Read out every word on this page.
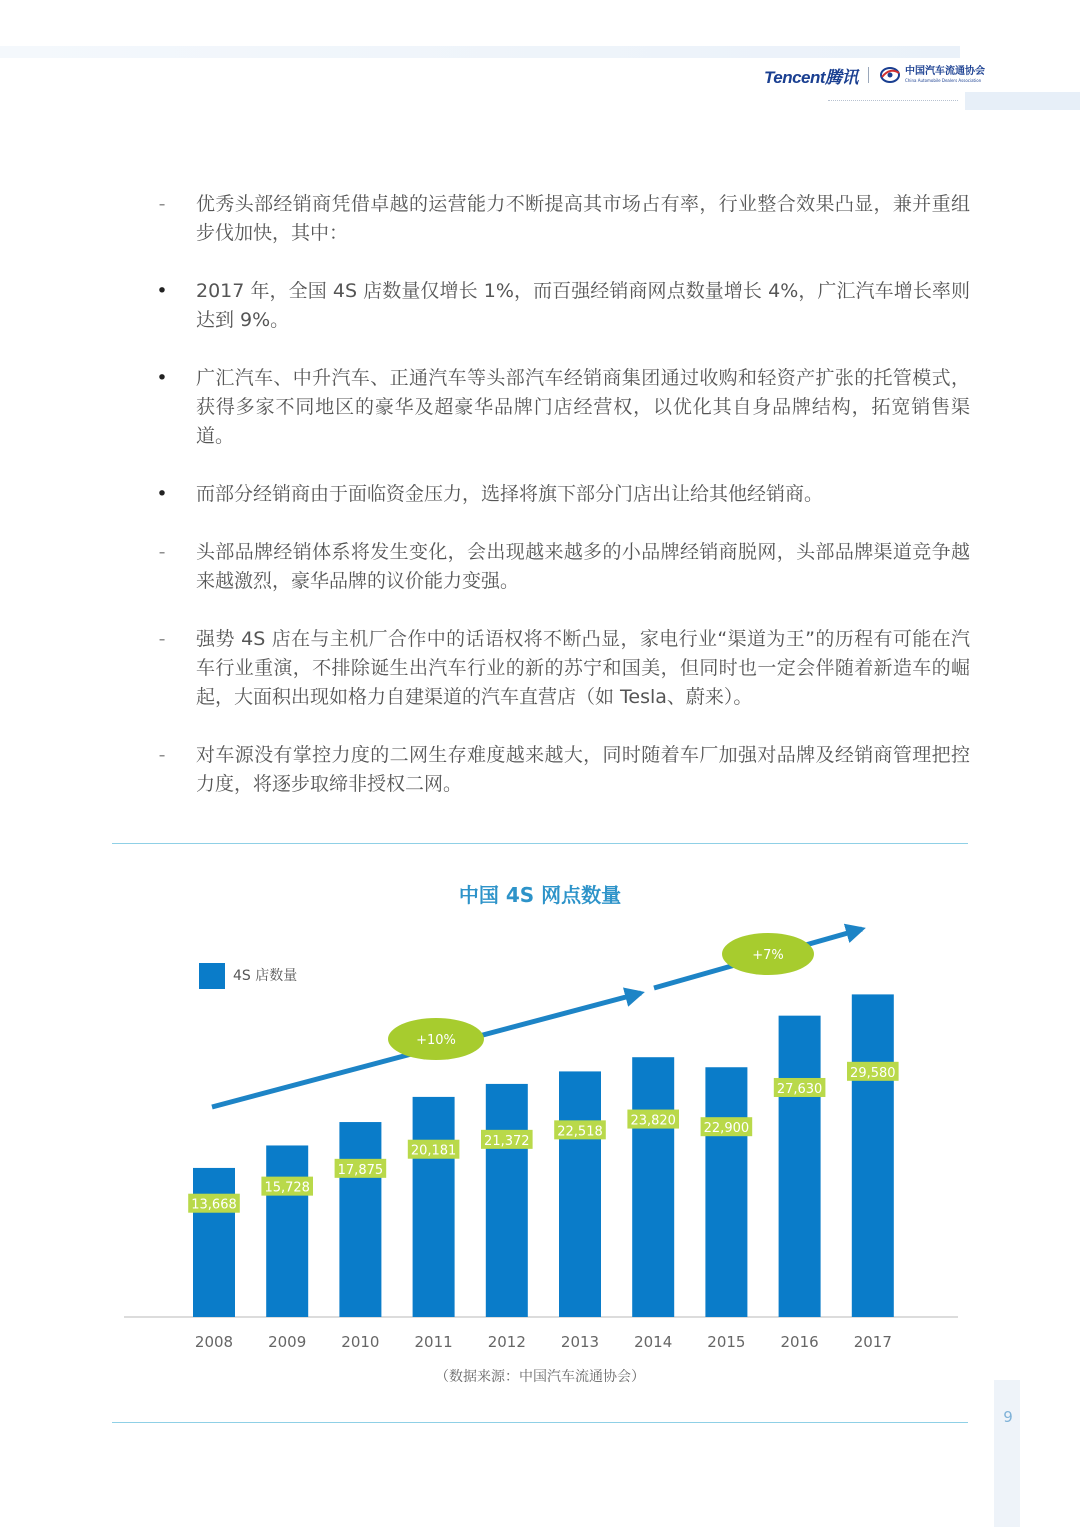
Tencent腾讯	中国汽车流通协会
China Automobile Dealers Association
- 优秀头部经销商凭借卓越的运营能力不断提高其市场占有率，行业整合效果凸显，兼并重组步伐加快，其中：
• 2017 年，全国 4S 店数量仅增长 1%，而百强经销商网点数量增长 4%，广汇汽车增长率则达到 9%。
• 广汇汽车、中升汽车、正通汽车等头部汽车经销商集团通过收购和轻资产扩张的托管模式，获得多家不同地区的豪华及超豪华品牌门店经营权，以优化其自身品牌结构，拓宽销售渠道。
• 而部分经销商由于面临资金压力，选择将旗下部分门店出让给其他经销商。
- 头部品牌经销体系将发生变化，会出现越来越多的小品牌经销商脱网，头部品牌渠道竞争越来越激烈，豪华品牌的议价能力变强。
- 强势 4S 店在与主机厂合作中的话语权将不断凸显，家电行业“渠道为王”的历程有可能在汽车行业重演，不排除诞生出汽车行业的新的苏宁和国美，但同时也一定会伴随着新造车的崛起，大面积出现如格力自建渠道的汽车直营店（如 Tesla、蔚来）。
- 对车源没有掌控力度的二网生存难度越来越大，同时随着车厂加强对品牌及经销商管理把控力度，将逐步取缔非授权二网。
中国 4S 网点数量
4S 店数量
+10%
+7%
13,668
2008
15,728
2009
17,875
2010
20,181
2011
21,372
2012
22,518
2013
23,820
2014
22,900
2015
27,630
2016
29,580
2017
（数据来源：中国汽车流通协会）
9
